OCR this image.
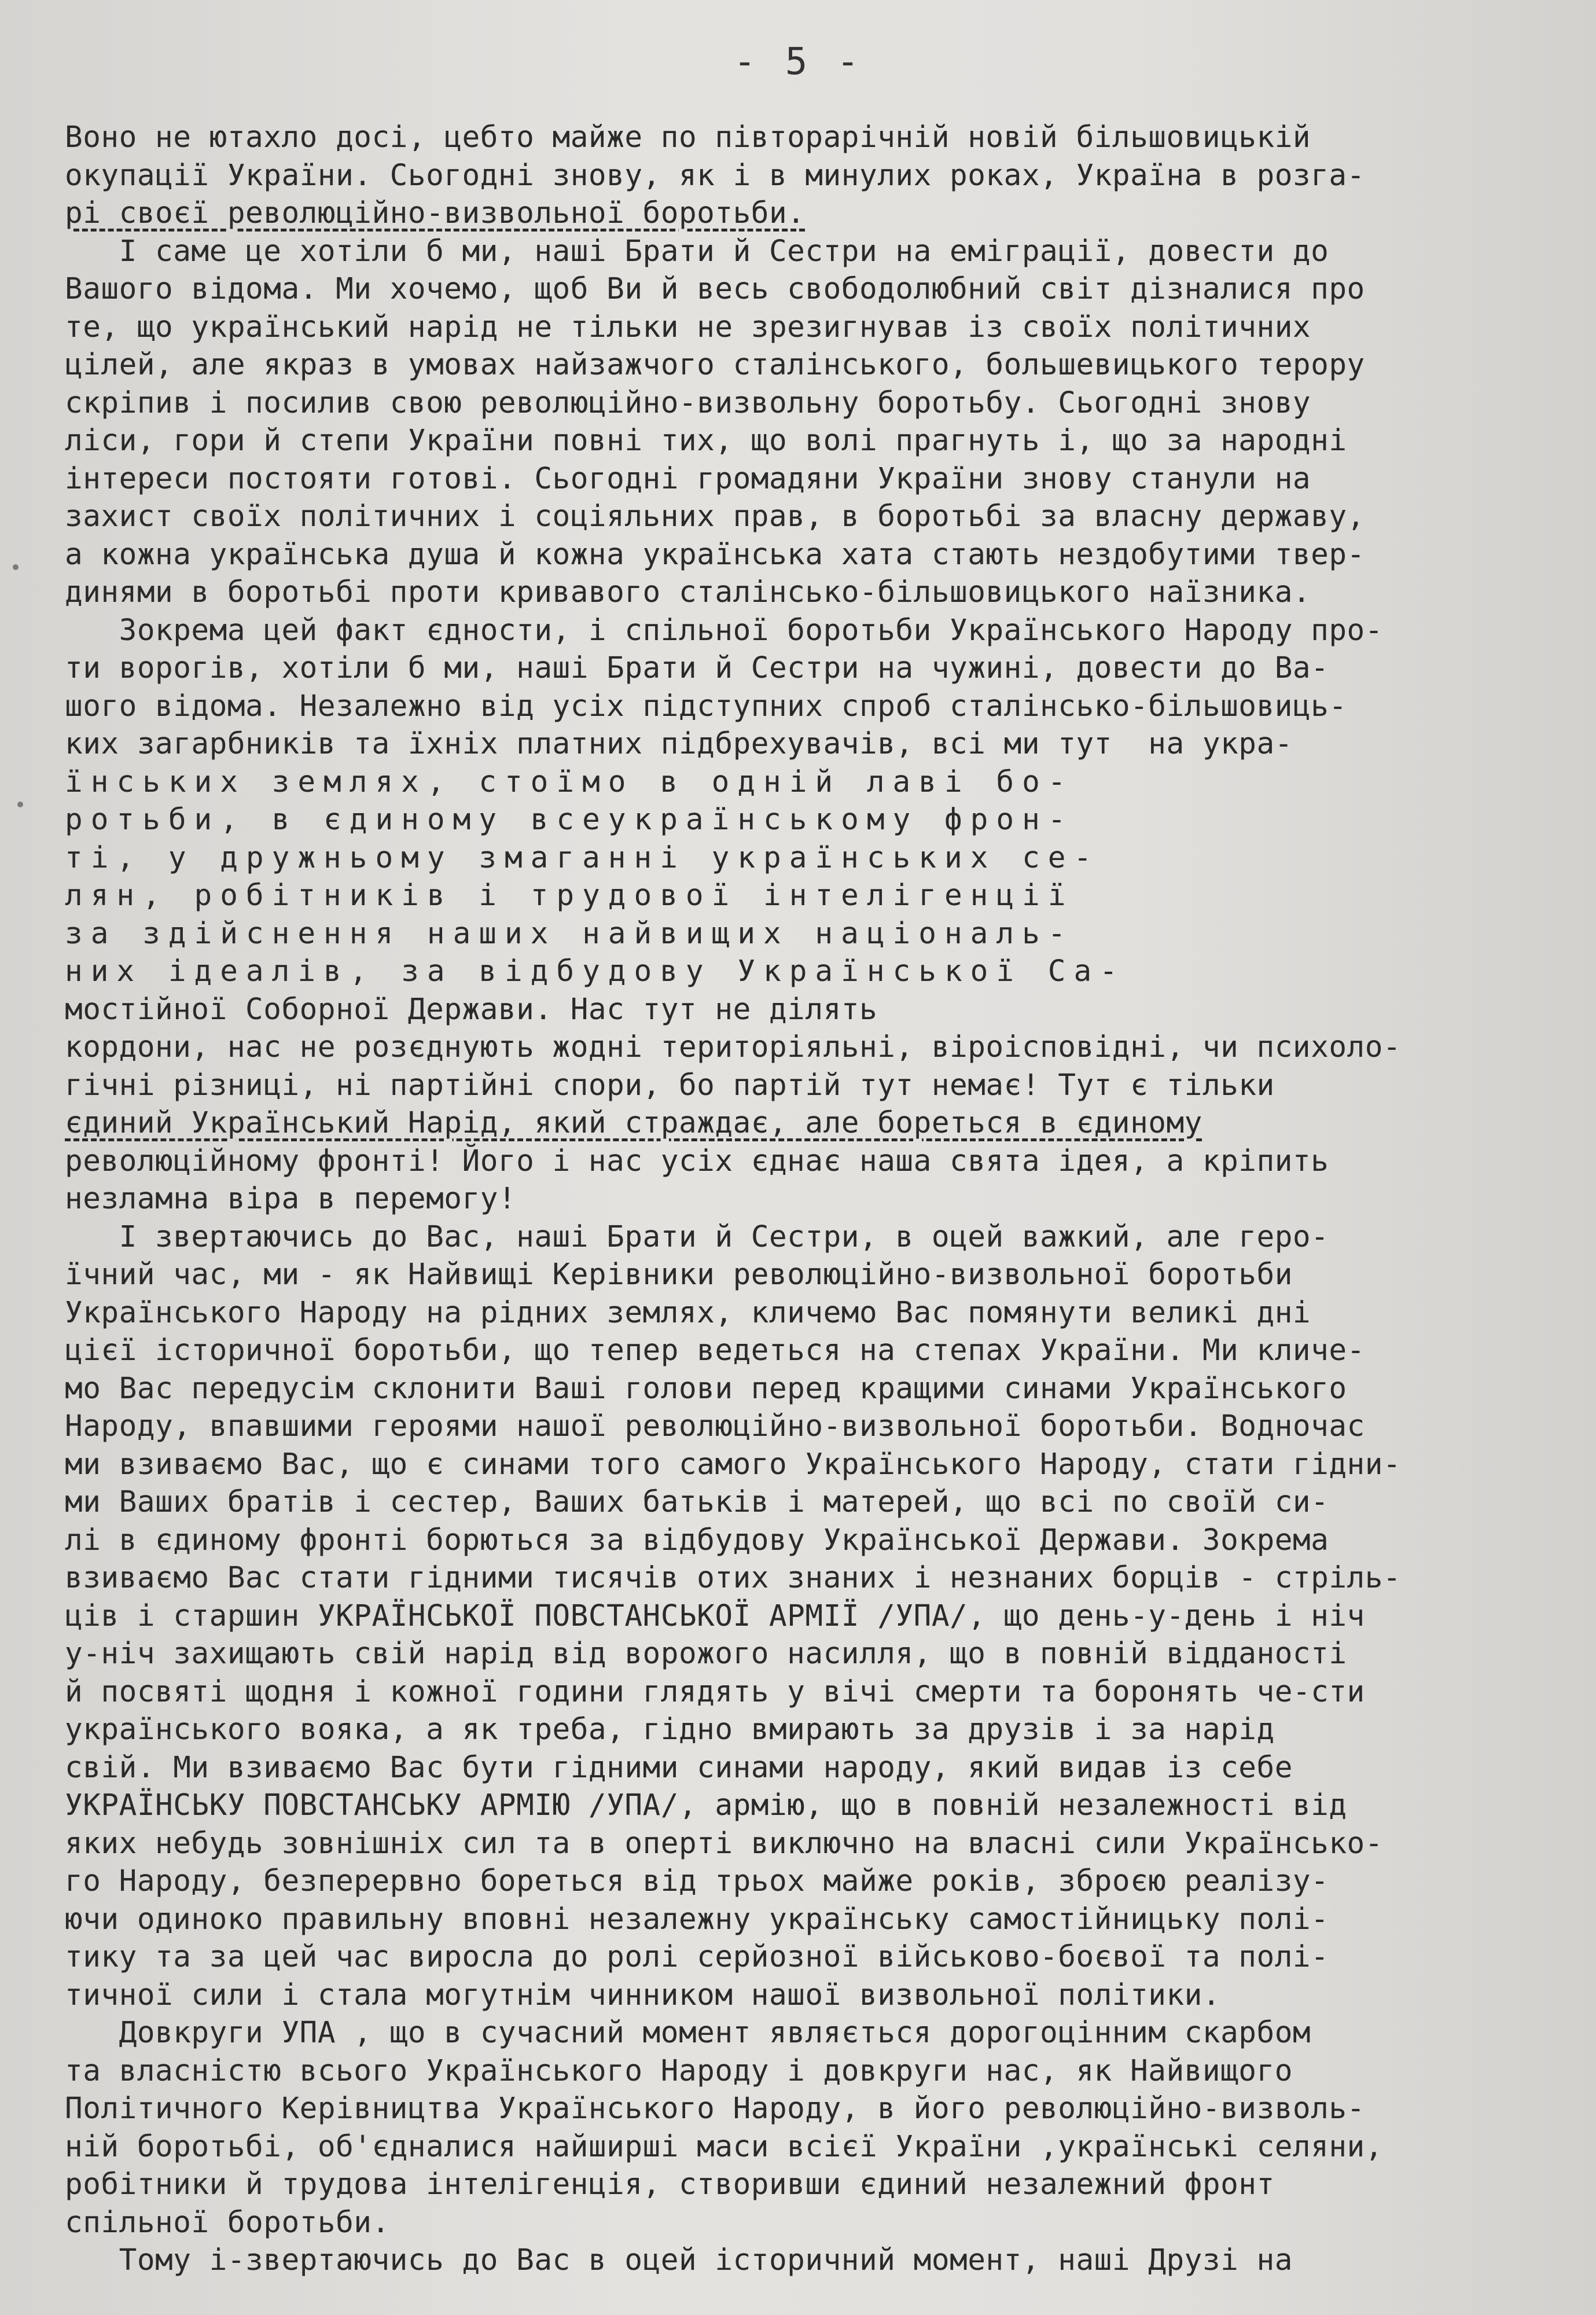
- 5 -
Воно не ютахло досі, цебто майже по півторарічній новій більшовицькій
окупації України. Сьогодні знову, як і в минулих роках, Україна в розга-
рі своєї революційно-визвольної боротьби.
І саме це хотіли б ми, наші Брати й Сестри на еміграції, довести до
Вашого відома. Ми хочемо, щоб Ви й весь свободолюбний світ дізналися про
те, що український нарід не тільки не зрезигнував із своїх політичних
цілей, але якраз в умовах найзажчого сталінського, большевицького терору
скріпив і посилив свою революційно-визвольну боротьбу. Сьогодні знову
ліси, гори й степи України повні тих, що волі прагнуть і, що за народні
інтереси постояти готові. Сьогодні громадяни України знову станули на
захист своїх політичних і соціяльних прав, в боротьбі за власну державу,
а кожна українська душа й кожна українська хата стають нездобутими твер-
динями в боротьбі проти кривавого сталінсько-більшовицького наїзника.
Зокрема цей факт єдности, і спільної боротьби Українського Народу про-
ти ворогів, хотіли б ми, наші Брати й Сестри на чужині, довести до Ва-
шого відома. Незалежно від усіх підступних спроб сталінсько-більшовиць-
ких загарбників та їхніх платних підбрехувачів, всі ми тут  на укра-
їнських землях, стоїмо в одній лаві бо-
ротьби, в єдиному всеукраїнському фрон-
ті, у дружньому змаганні українських се-
лян, робітників і трудової інтелігенції
за здійснення наших найвищих національ-
них ідеалів, за відбудову Української Са-
мостійної Соборної Держави. Нас тут не ділять
кордони, нас не розєднують жодні територіяльні, віроісповідні, чи психоло-
гічні різниці, ні партійні спори, бо партій тут немає! Тут є тільки
єдиний Український Нарід, який страждає, але бореться в єдиному
революційному фронті! Його і нас усіх єднає наша свята ідея, а кріпить
незламна віра в перемогу!
І звертаючись до Вас, наші Брати й Сестри, в оцей важкий, але геро-
їчний час, ми - як Найвищі Керівники революційно-визвольної боротьби
Українського Народу на рідних землях, кличемо Вас помянути великі дні
цієї історичної боротьби, що тепер ведеться на степах України. Ми кличе-
мо Вас передусім склонити Ваші голови перед кращими синами Українського
Народу, впавшими героями нашої революційно-визвольної боротьби. Водночас
ми взиваємо Вас, що є синами того самого Українського Народу, стати гідни-
ми Ваших братів і сестер, Ваших батьків і матерей, що всі по своїй си-
лі в єдиному фронті борються за відбудову Української Держави. Зокрема
взиваємо Вас стати гідними тисячів отих знаних і незнаних борців - стріль-
ців і старшин УКРАЇНСЬКОЇ ПОВСТАНСЬКОЇ АРМІЇ /УПА/, що день-у-день і ніч
у-ніч захищають свій нарід від ворожого насилля, що в повній відданості
й посвяті щодня і кожної години глядять у вічі смерти та боронять че-сти
українського вояка, а як треба, гідно вмирають за друзів і за нарід
свій. Ми взиваємо Вас бути гідними синами народу, який видав із себе
УКРАЇНСЬКУ ПОВСТАНСЬКУ АРМІЮ /УПА/, армію, що в повній незалежності від
яких небудь зовнішніх сил та в опертi виключно на власні сили Українсько-
го Народу, безперервно бореться від трьох майже років, зброєю реалізу-
ючи одиноко правильну вповні незалежну українську самостійницьку полі-
тику та за цей час виросла до ролі серйозної військово-боєвої та полі-
тичної сили і стала могутнім чинником нашої визвольної політики.
Довкруги УПА , що в сучасний момент являється дорогоцінним скарбом
та власністю всього Українського Народу і довкруги нас, як Найвищого
Політичного Керівництва Українського Народу, в його революційно-визволь-
ній боротьбі, об'єдналися найширші маси всієї України ,українські селяни,
робітники й трудова інтелігенція, створивши єдиний незалежний фронт
спільної боротьби.
Тому і-звертаючись до Вас в оцей історичний момент, наші Друзі на
